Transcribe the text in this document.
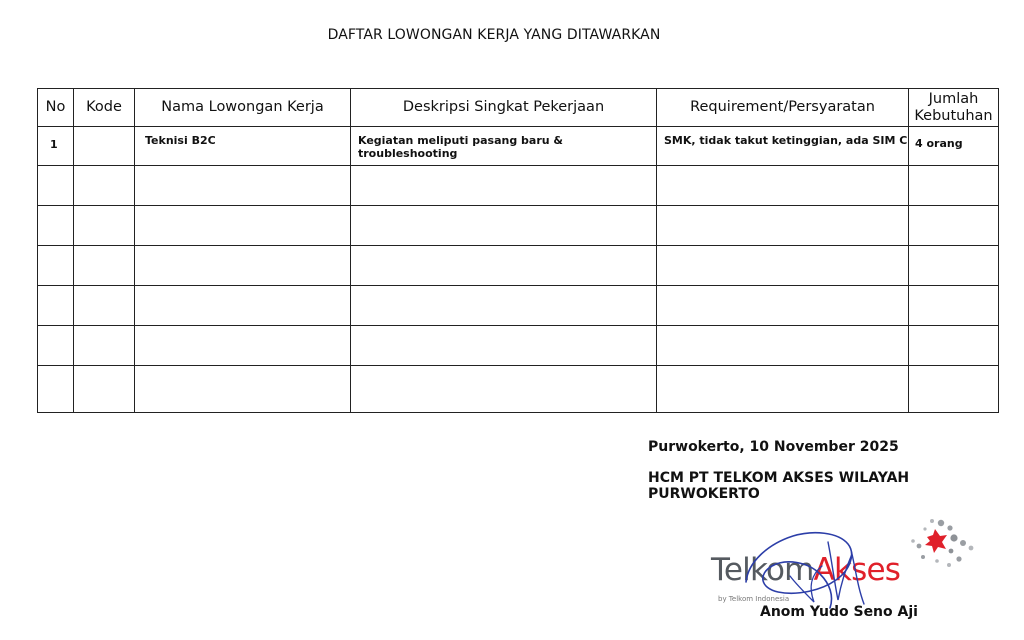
DAFTAR LOWONGAN KERJA YANG DITAWARKAN
No	Kode	Nama Lowongan Kerja	Deskripsi Singkat Pekerjaan	Requirement/Persyaratan	Jumlah Kebutuhan
1		Teknisi B2C	Kegiatan meliputi pasang baru & troubleshooting	SMK, tidak takut ketinggian, ada SIM C	4 orang

Purwokerto, 10 November 2025
HCM PT TELKOM AKSES WILAYAH PURWOKERTO
TelkomAkses
by Telkom Indonesia
Anom Yudo Seno Aji
